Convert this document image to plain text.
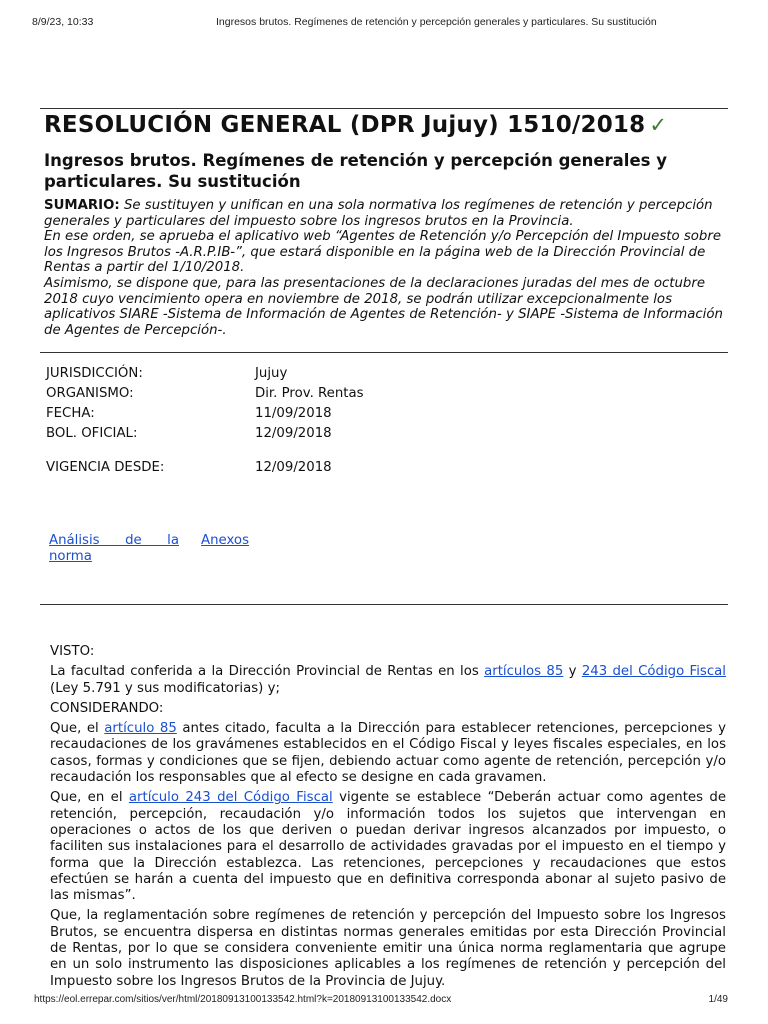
8/9/23, 10:33	Ingresos brutos. Regímenes de retención y percepción generales y particulares. Su sustitución
RESOLUCIÓN GENERAL (DPR Jujuy) 1510/2018 ✓
Ingresos brutos. Regímenes de retención y percepción generales y particulares. Su sustitución

SUMARIO: Se sustituyen y unifican en una sola normativa los regímenes de retención y percepción generales y particulares del impuesto sobre los ingresos brutos en la Provincia.

En ese orden, se aprueba el aplicativo web “Agentes de Retención y/o Percepción del Impuesto sobre los Ingresos Brutos -A.R.P.IB-”, que estará disponible en la página web de la Dirección Provincial de Rentas a partir del 1/10/2018.

Asimismo, se dispone que, para las presentaciones de la declaraciones juradas del mes de octubre 2018 cuyo vencimiento opera en noviembre de 2018, se podrán utilizar excepcionalmente los aplicativos SIARE -Sistema de Información de Agentes de Retención- y SIAPE -Sistema de Información de Agentes de Percepción-.

JURISDICCIÓN:	Jujuy
ORGANISMO:	Dir. Prov. Rentas
FECHA:	11/09/2018
BOL. OFICIAL:	12/09/2018
VIGENCIA DESDE:	12/09/2018
Análisis de la
norma
Anexos

VISTO:

La facultad conferida a la Dirección Provincial de Rentas en los artículos 85 y 243 del Código Fiscal (Ley 5.791 y sus modificatorias) y;

CONSIDERANDO:

Que, el artículo 85 antes citado, faculta a la Dirección para establecer retenciones, percepciones y recaudaciones de los gravámenes establecidos en el Código Fiscal y leyes fiscales especiales, en los casos, formas y condiciones que se fijen, debiendo actuar como agente de retención, percepción y/o recaudación los responsables que al efecto se designe en cada gravamen.

Que, en el artículo 243 del Código Fiscal vigente se establece “Deberán actuar como agentes de retención, percepción, recaudación y/o información todos los sujetos que intervengan en operaciones o actos de los que deriven o puedan derivar ingresos alcanzados por impuesto, o faciliten sus instalaciones para el desarrollo de actividades gravadas por el impuesto en el tiempo y forma que la Dirección establezca. Las retenciones, percepciones y recaudaciones que estos efectúen se harán a cuenta del impuesto que en definitiva corresponda abonar al sujeto pasivo de las mismas”.

Que, la reglamentación sobre regímenes de retención y percepción del Impuesto sobre los Ingresos Brutos, se encuentra dispersa en distintas normas generales emitidas por esta Dirección Provincial de Rentas, por lo que se considera conveniente emitir una única norma reglamentaria que agrupe en un solo instrumento las disposiciones aplicables a los regímenes de retención y percepción del Impuesto sobre los Ingresos Brutos de la Provincia de Jujuy.

https://eol.errepar.com/sitios/ver/html/20180913100133542.html?k=20180913100133542.docx	1/49
